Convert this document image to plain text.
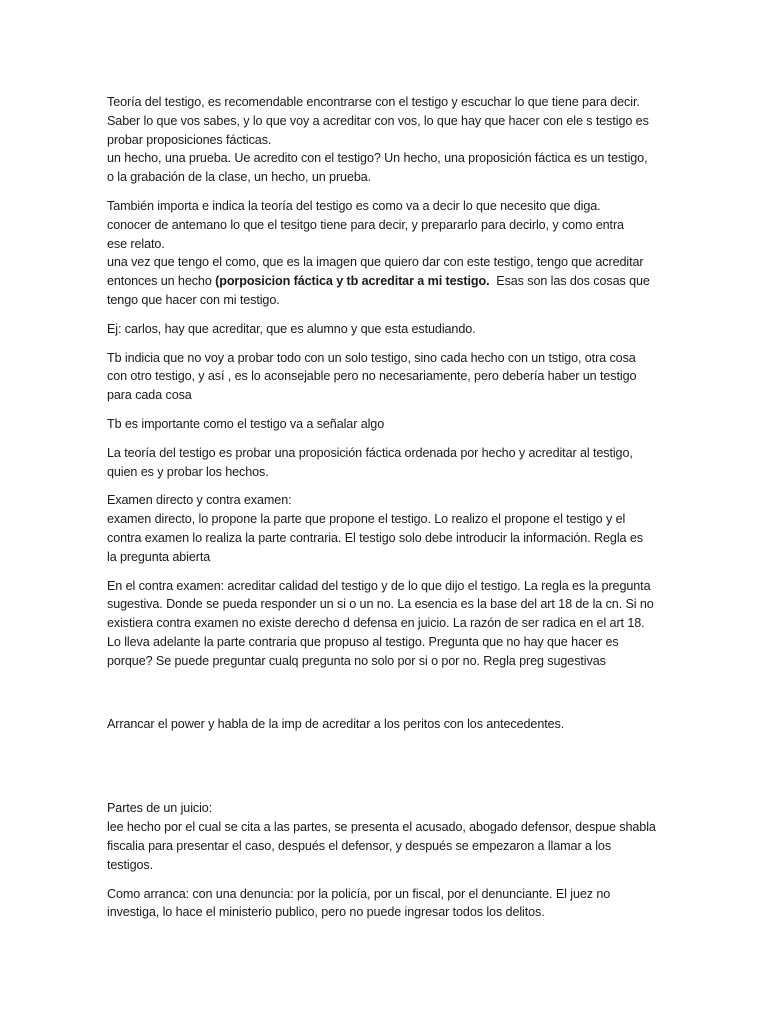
Teoría del testigo, es recomendable encontrarse con el testigo y escuchar lo que tiene para decir.
Saber lo que vos sabes, y lo que voy a acreditar con vos, lo que hay que hacer con ele s testigo es
probar proposiciones fácticas.
un hecho, una prueba. Ue acredito con el testigo? Un hecho, una proposición fáctica es un testigo,
o la grabación de la clase, un hecho, un prueba.
También importa e indica la teoría del testigo es como va a decir lo que necesito que diga.
conocer de antemano lo que el tesitgo tiene para decir, y prepararlo para decirlo, y como entra
ese relato.
una vez que tengo el como, que es la imagen que quiero dar con este testigo, tengo que acreditar
entonces un hecho (porposicion fáctica y tb acreditar a mi testigo.  Esas son las dos cosas que
tengo que hacer con mi testigo.
Ej: carlos, hay que acreditar, que es alumno y que esta estudiando.
Tb indicia que no voy a probar todo con un solo testigo, sino cada hecho con un tstigo, otra cosa
con otro testigo, y así , es lo aconsejable pero no necesariamente, pero debería haber un testigo
para cada cosa
Tb es importante como el testigo va a señalar algo
La teoría del testigo es probar una proposición fáctica ordenada por hecho y acreditar al testigo,
quien es y probar los hechos.
Examen directo y contra examen:
examen directo, lo propone la parte que propone el testigo. Lo realizo el propone el testigo y el
contra examen lo realiza la parte contraria. El testigo solo debe introducir la información. Regla es
la pregunta abierta
En el contra examen: acreditar calidad del testigo y de lo que dijo el testigo. La regla es la pregunta
sugestiva. Donde se pueda responder un si o un no. La esencia es la base del art 18 de la cn. Si no
existiera contra examen no existe derecho d defensa en juicio. La razón de ser radica en el art 18.
Lo lleva adelante la parte contraria que propuso al testigo. Pregunta que no hay que hacer es
porque? Se puede preguntar cualq pregunta no solo por si o por no. Regla preg sugestivas
Arrancar el power y habla de la imp de acreditar a los peritos con los antecedentes.
Partes de un juicio:
lee hecho por el cual se cita a las partes, se presenta el acusado, abogado defensor, despue shabla
fiscalia para presentar el caso, después el defensor, y después se empezaron a llamar a los
testigos.
Como arranca: con una denuncia: por la policía, por un fiscal, por el denunciante. El juez no
investiga, lo hace el ministerio publico, pero no puede ingresar todos los delitos.
